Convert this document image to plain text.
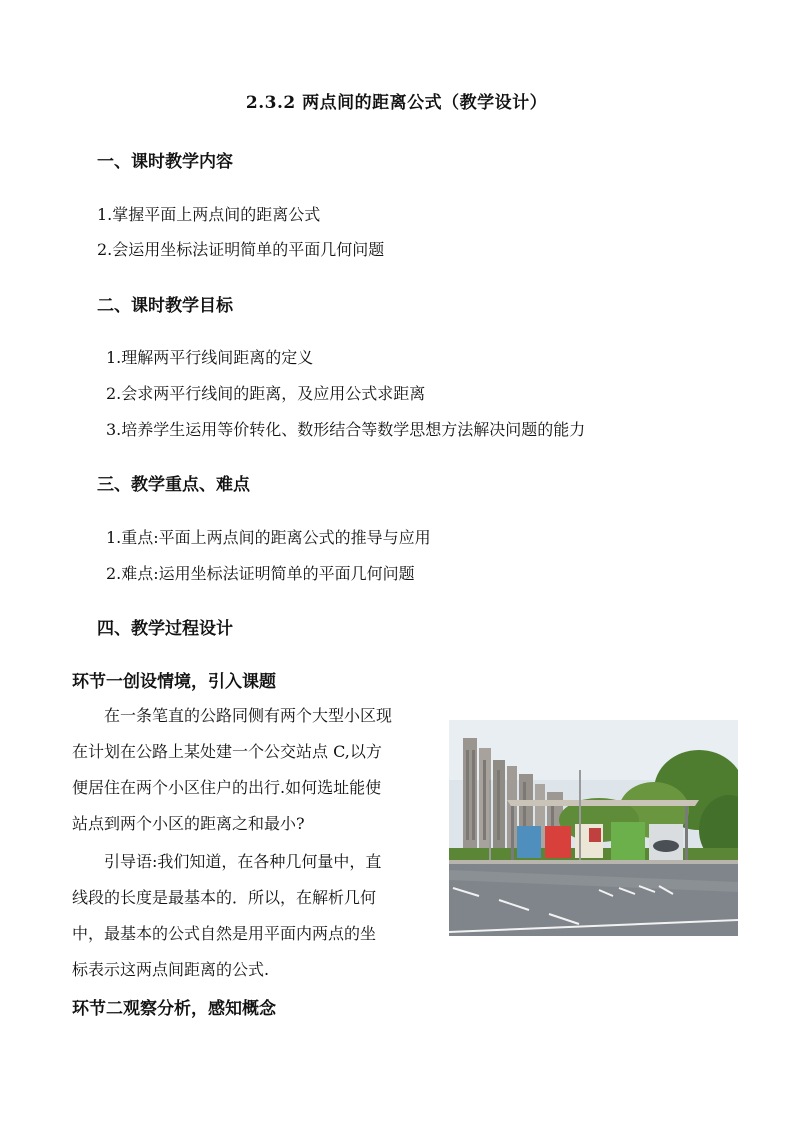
2.3.2 两点间的距离公式（教学设计）
一、课时教学内容
1.掌握平面上两点间的距离公式
2.会运用坐标法证明简单的平面几何问题
二、课时教学目标
1.理解两平行线间距离的定义
2.会求两平行线间的距离，及应用公式求距离
3.培养学生运用等价转化、数形结合等数学思想方法解决问题的能力
三、教学重点、难点
1.重点:平面上两点间的距离公式的推导与应用
2.难点:运用坐标法证明简单的平面几何问题
四、教学过程设计
环节一创设情境，引入课题
在一条笔直的公路同侧有两个大型小区现
在计划在公路上某处建一个公交站点 C,以方
便居住在两个小区住户的出行.如何选址能使
站点到两个小区的距离之和最小?
引导语:我们知道，在各种几何量中，直
线段的长度是最基本的．所以，在解析几何
中，最基本的公式自然是用平面内两点的坐
标表示这两点间距离的公式.
环节二观察分析，感知概念
